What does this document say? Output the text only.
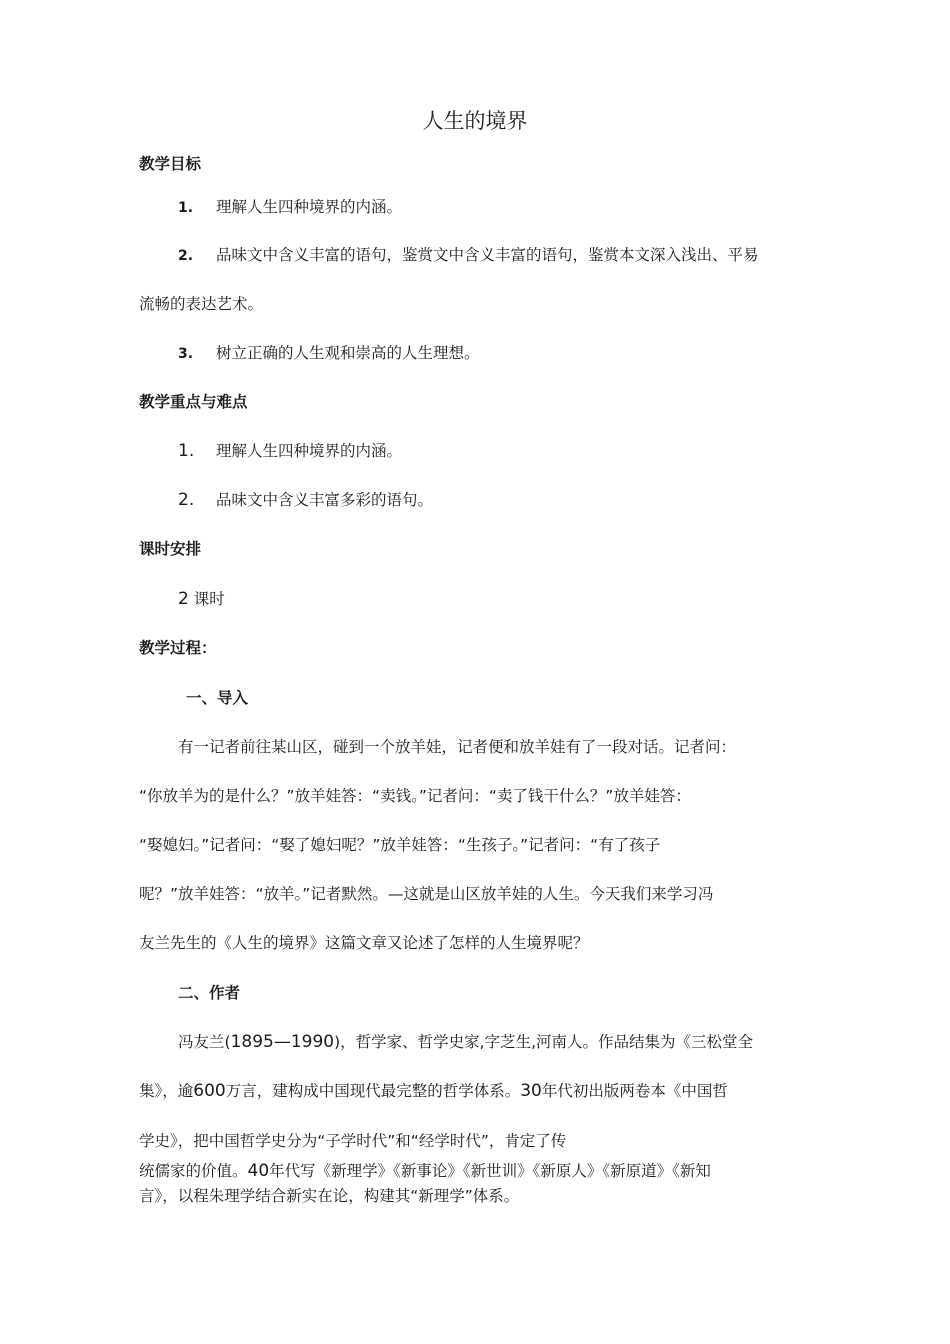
人生的境界
教学目标
1. 理解人生四种境界的内涵。
2. 品味文中含义丰富的语句，鉴赏文中含义丰富的语句，鉴赏本文深入浅出、平易
流畅的表达艺术。
3. 树立正确的人生观和崇高的人生理想。
教学重点与难点
1. 理解人生四种境界的内涵。
2. 品味文中含义丰富多彩的语句。
课时安排
2 课时
教学过程：
一、导入
有一记者前往某山区，碰到一个放羊娃，记者便和放羊娃有了一段对话。记者问：
“你放羊为的是什么？”放羊娃答：“卖钱。”记者问：“卖了钱干什么？”放羊娃答：
“娶媳妇。”记者问：“娶了媳妇呢？”放羊娃答：“生孩子。”记者问：“有了孩子
呢？”放羊娃答：“放羊。”记者默然。—这就是山区放羊娃的人生。今天我们来学习冯
友兰先生的《人生的境界》这篇文章又论述了怎样的人生境界呢？
二、作者
冯友兰(1895—1990)，哲学家、哲学史家,字芝生,河南人。作品结集为《三松堂全
集》，逾600万言，建构成中国现代最完整的哲学体系。30年代初出版两卷本《中国哲
学史》，把中国哲学史分为“子学时代”和“经学时代”，肯定了传
统儒家的价值。40年代写《新理学》《新事论》《新世训》《新原人》《新原道》《新知
言》，以程朱理学结合新实在论，构建其“新理学”体系。
